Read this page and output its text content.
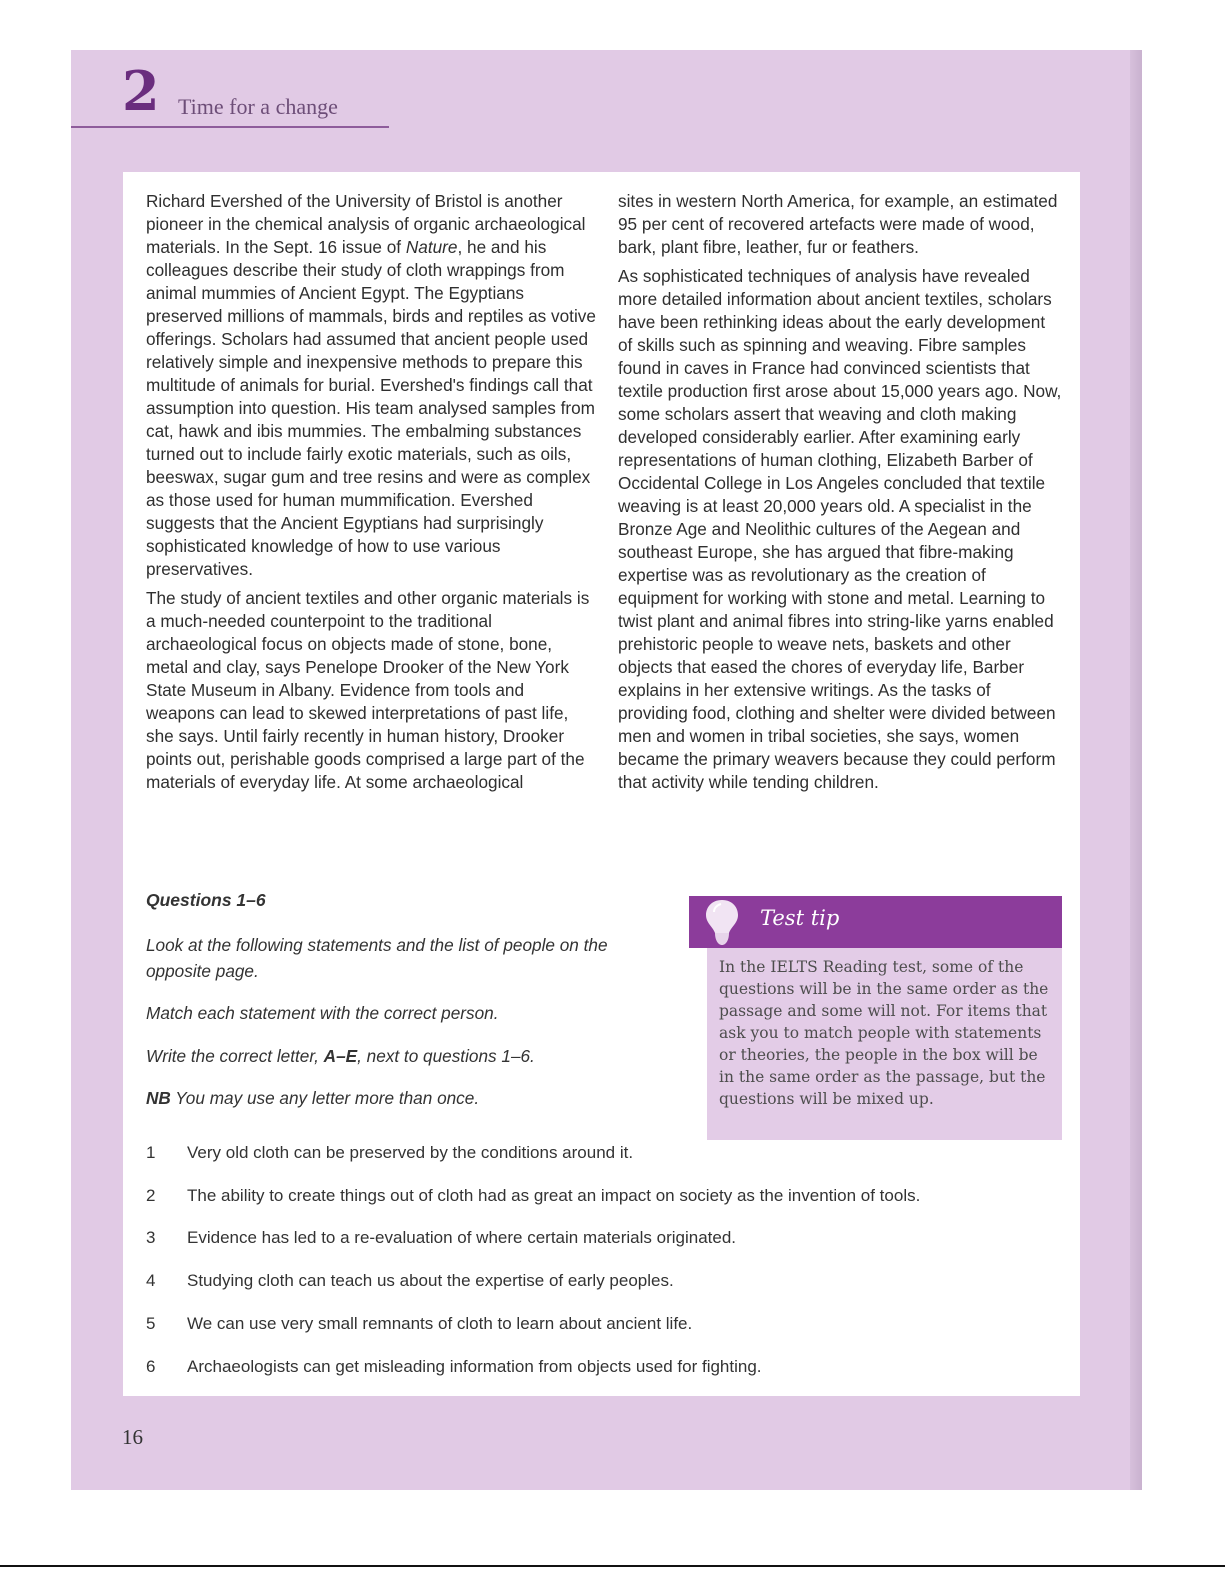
2 Time for a change

Richard Evershed of the University of Bristol is another pioneer in the chemical analysis of organic archaeological materials. In the Sept. 16 issue of Nature, he and his colleagues describe their study of cloth wrappings from animal mummies of Ancient Egypt. The Egyptians preserved millions of mammals, birds and reptiles as votive offerings. Scholars had assumed that ancient people used relatively simple and inexpensive methods to prepare this multitude of animals for burial. Evershed's findings call that assumption into question. His team analysed samples from cat, hawk and ibis mummies. The embalming substances turned out to include fairly exotic materials, such as oils, beeswax, sugar gum and tree resins and were as complex as those used for human mummification. Evershed suggests that the Ancient Egyptians had surprisingly sophisticated knowledge of how to use various preservatives.

The study of ancient textiles and other organic materials is a much-needed counterpoint to the traditional archaeological focus on objects made of stone, bone, metal and clay, says Penelope Drooker of the New York State Museum in Albany. Evidence from tools and weapons can lead to skewed interpretations of past life, she says. Until fairly recently in human history, Drooker points out, perishable goods comprised a large part of the materials of everyday life. At some archaeological

sites in western North America, for example, an estimated 95 per cent of recovered artefacts were made of wood, bark, plant fibre, leather, fur or feathers.

As sophisticated techniques of analysis have revealed more detailed information about ancient textiles, scholars have been rethinking ideas about the early development of skills such as spinning and weaving. Fibre samples found in caves in France had convinced scientists that textile production first arose about 15,000 years ago. Now, some scholars assert that weaving and cloth making developed considerably earlier. After examining early representations of human clothing, Elizabeth Barber of Occidental College in Los Angeles concluded that textile weaving is at least 20,000 years old. A specialist in the Bronze Age and Neolithic cultures of the Aegean and southeast Europe, she has argued that fibre-making expertise was as revolutionary as the creation of equipment for working with stone and metal. Learning to twist plant and animal fibres into string-like yarns enabled prehistoric people to weave nets, baskets and other objects that eased the chores of everyday life, Barber explains in her extensive writings. As the tasks of providing food, clothing and shelter were divided between men and women in tribal societies, she says, women became the primary weavers because they could perform that activity while tending children.

Questions 1–6
Look at the following statements and the list of people on the opposite page.
Match each statement with the correct person.
Write the correct letter, A–E, next to questions 1–6.
NB You may use any letter more than once.
Test tip
In the IELTS Reading test, some of the questions will be in the same order as the passage and some will not. For items that ask you to match people with statements or theories, the people in the box will be in the same order as the passage, but the questions will be mixed up.
1 Very old cloth can be preserved by the conditions around it.
2 The ability to create things out of cloth had as great an impact on society as the invention of tools.
3 Evidence has led to a re-evaluation of where certain materials originated.
4 Studying cloth can teach us about the expertise of early peoples.
5 We can use very small remnants of cloth to learn about ancient life.
6 Archaeologists can get misleading information from objects used for fighting.
16
